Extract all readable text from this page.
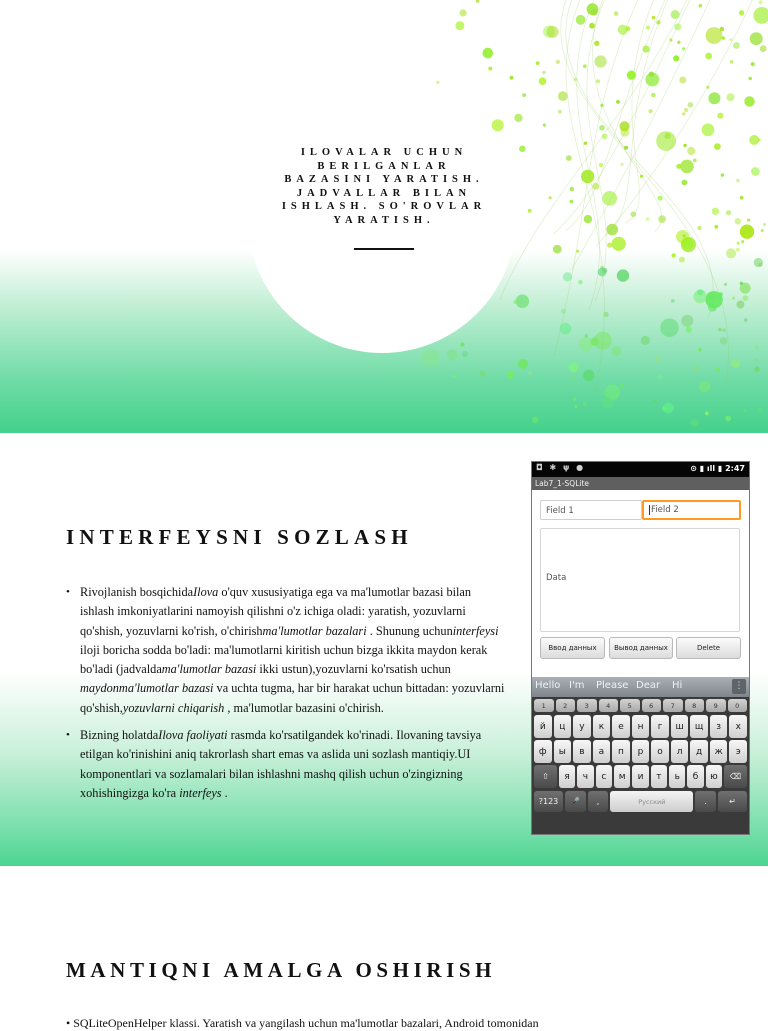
ILOVALAR UCHUN BERILGANLAR BAZASINI YARATISH. JADVALLAR BILAN ISHLASH. SO'ROVLAR YARATISH.
INTERFEYSNI SOZLASH
• Rivojlanish bosqichidaIlova o'quv xususiyatiga ega va ma'lumotlar bazasi bilan ishlash imkoniyatlarini namoyish qilishni o'z ichiga oladi: yaratish, yozuvlarni qo'shish, yozuvlarni ko'rish, o'chirishma'lumotlar bazalari . Shunung uchuninterfeysi iloji boricha sodda bo'ladi: ma'lumotlarni kiritish uchun bizga ikkita maydon kerak bo'ladi (jadvaldama'lumotlar bazasi ikki ustun),yozuvlarni ko'rsatish uchun maydonma'lumotlar bazasi va uchta tugma, har bir harakat uchun bittadan: yozuvlarni qo'shish,yozuvlarni chiqarish , ma'lumotlar bazasini o'chirish.
• Bizning holatdaIlova faoliyati rasmda ko'rsatilgandek ko'rinadi. Ilovaning tavsiya etilgan ko'rinishini aniq takrorlash shart emas va aslida uni sozlash mantiqiy.UI komponentlari va sozlamalari bilan ishlashni mashq qilish uchun o'zingizning xohishingizga ko'ra interfeys .
◘ ✱ ψ ●	⊙ ▮ ıll ▮ 2:47
Lab7_1-SQLite
Field 1	Field 2
Data
Ввод данных	Вывод данных	Delete
Hello I'm Please Dear Hi	⋮
1	2	3	4	5	6	7	8	9	0
й	ц	у	к	е	н	г	ш	щ	з	х
ф	ы	в	а	п	р	о	л	д	ж	э
⇧	я	ч	с	м	и	т	ь	б	ю	⌫
?123	🎤	,	Русский	.	↵
MANTIQNI AMALGA OSHIRISH
• SQLiteOpenHelper klassi. Yaratish va yangilash uchun ma'lumotlar bazalari, Android tomonidan
